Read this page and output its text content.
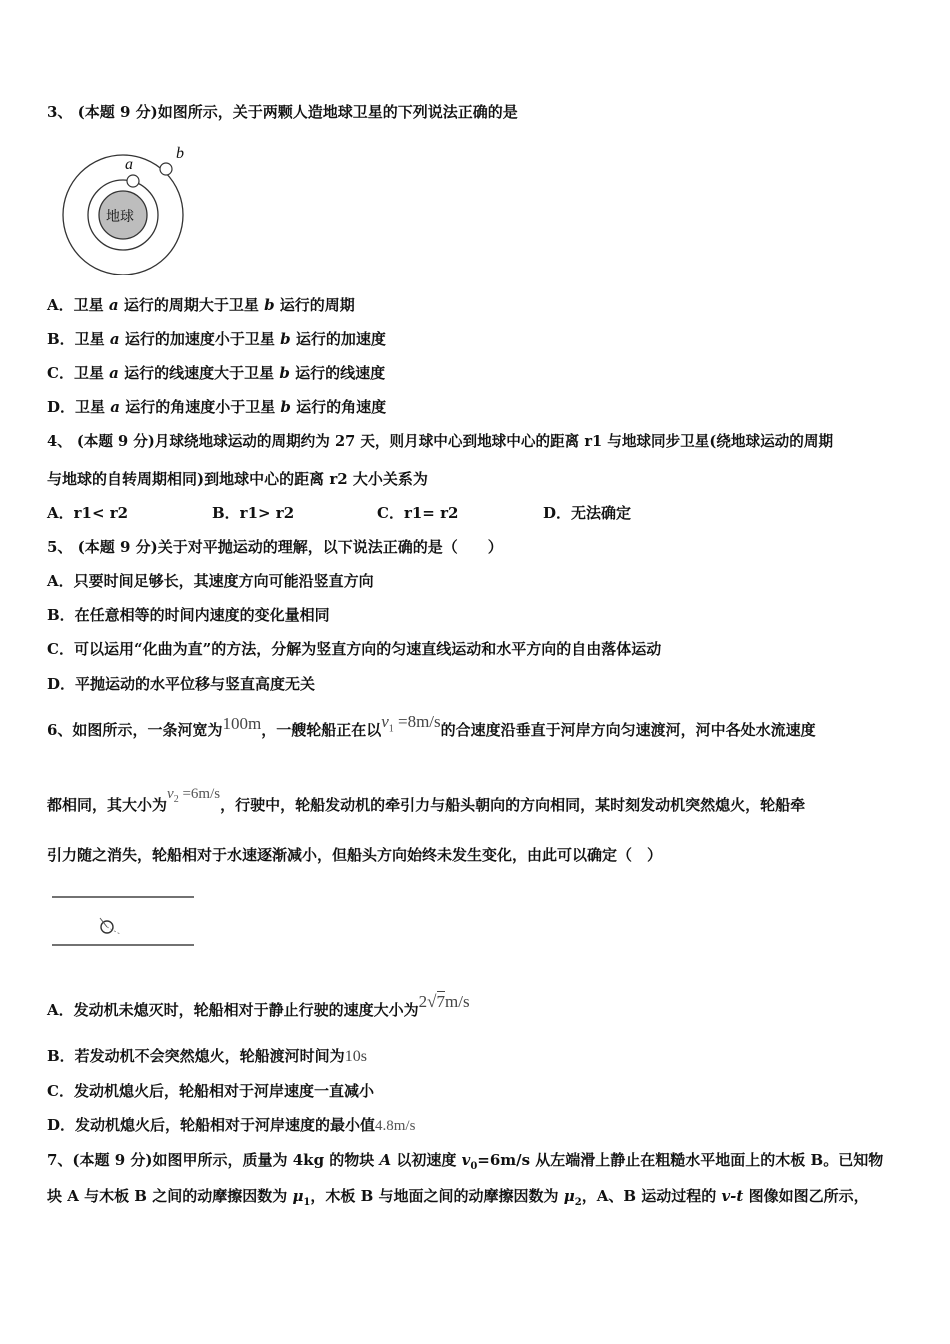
3、 (本题 9 分)如图所示，关于两颗人造地球卫星的下列说法正确的是
地球
a
b
A．卫星 a 运行的周期大于卫星 b 运行的周期
B．卫星 a 运行的加速度小于卫星 b 运行的加速度
C．卫星 a 运行的线速度大于卫星 b 运行的线速度
D．卫星 a 运行的角速度小于卫星 b 运行的角速度
4、 (本题 9 分)月球绕地球运动的周期约为 27 天，则月球中心到地球中心的距离 r1 与地球同步卫星(绕地球运动的周期
与地球的自转周期相同)到地球中心的距离 r2 大小关系为
A．r1< r2	B．r1> r2	C．r1= r2	D．无法确定
5、 (本题 9 分)关于对平抛运动的理解，以下说法正确的是（　　）
A．只要时间足够长，其速度方向可能沿竖直方向
B．在任意相等的时间内速度的变化量相同
C．可以运用“化曲为直”的方法，分解为竖直方向的匀速直线运动和水平方向的自由落体运动
D．平抛运动的水平位移与竖直高度无关
6、如图所示，一条河宽为100m，一艘轮船正在以$v_1 =8m/s$的合速度沿垂直于河岸方向匀速渡河，河中各处水流速度
都相同，其大小为$v_2 =6m/s$，行驶中，轮船发动机的牵引力与船头朝向的方向相同，某时刻发动机突然熄火，轮船牵
引力随之消失，轮船相对于水速逐渐减小，但船头方向始终未发生变化，由此可以确定（　）
A．发动机未熄灭时，轮船相对于静止行驶的速度大小为2√7m/s
B．若发动机不会突然熄火，轮船渡河时间为10s
C．发动机熄火后，轮船相对于河岸速度一直减小
D．发动机熄火后，轮船相对于河岸速度的最小值4.8m/s
7、(本题 9 分)如图甲所示，质量为 4kg 的物块 A 以初速度 $v_0=6m/s$ 从左端滑上静止在粗糙水平地面上的木板 B。已知物
块 A 与木板 B 之间的动摩擦因数为 $\mu_1$，木板 B 与地面之间的动摩擦因数为 $\mu_2$，A、B 运动过程的 v-t 图像如图乙所示，
